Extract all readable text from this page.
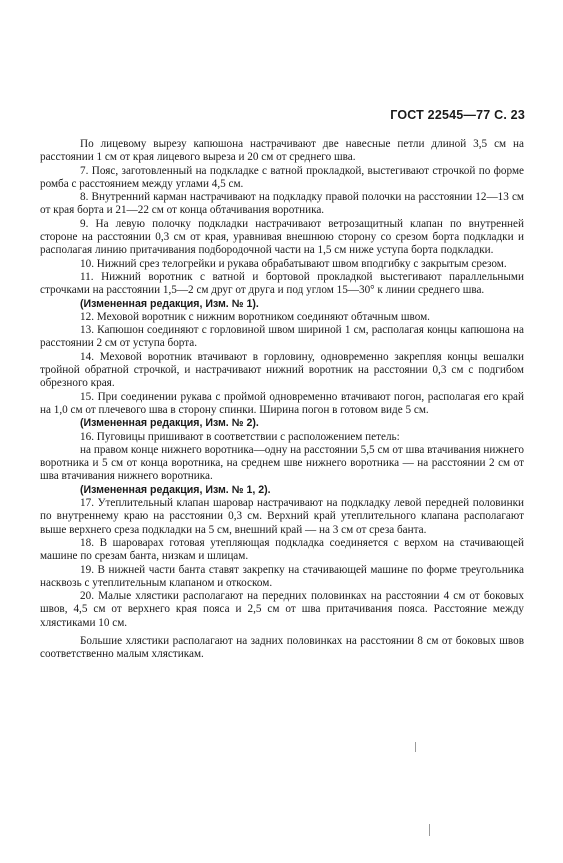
ГОСТ 22545—77 С. 23

По лицевому вырезу капюшона настрачивают две навесные петли длиной 3,5 см на расстоянии 1 см от края лицевого выреза и 20 см от среднего шва.

7. Пояс, заготовленный на подкладке с ватной прокладкой, выстегивают строчкой по форме ромба с расстоянием между углами 4,5 см.

8. Внутренний карман настрачивают на подкладку правой полочки на расстоянии 12—13 см от края борта и 21—22 см от конца обтачивания воротника.

9. На левую полочку подкладки настрачивают ветрозащитный клапан по внутренней стороне на расстоянии 0,3 см от края, уравнивая внешнюю сторону со срезом борта подкладки и располагая линию притачивания подбородочной части на 1,5 см ниже уступа борта подкладки.

10. Нижний срез телогрейки и рукава обрабатывают швом вподгибку с закрытым срезом.

11. Нижний воротник с ватной и бортовой прокладкой выстегивают параллельными строчками на расстоянии 1,5—2 см друг от друга и под углом 15—30° к линии среднего шва.

(Измененная редакция, Изм. № 1).

12. Меховой воротник с нижним воротником соединяют обтачным швом.

13. Капюшон соединяют с горловиной швом шириной 1 см, располагая концы капюшона на расстоянии 2 см от уступа борта.

14. Меховой воротник втачивают в горловину, одновременно закрепляя концы вешалки тройной обратной строчкой, и настрачивают нижний воротник на расстоянии 0,3 см с подгибом обрезного края.

15. При соединении рукава с проймой одновременно втачивают погон, располагая его край на 1,0 см от плечевого шва в сторону спинки. Ширина погон в готовом виде 5 см.

(Измененная редакция, Изм. № 2).

16. Пуговицы пришивают в соответствии с расположением петель:

на правом конце нижнего воротника—одну на расстоянии 5,5 см от шва втачивания нижнего воротника и 5 см от конца воротника, на среднем шве нижнего воротника — на расстоянии 2 см от шва втачивания нижнего воротника.

(Измененная редакция, Изм. № 1, 2).

17. Утеплительный клапан шаровар настрачивают на подкладку левой передней половинки по внутреннему краю на расстоянии 0,3 см. Верхний край утеплительного клапана располагают выше верхнего среза подкладки на 5 см, внешний край — на 3 см от среза банта.

18. В шароварах готовая утепляющая подкладка соединяется с верхом на стачивающей машине по срезам банта, низкам и шлицам.

19. В нижней части банта ставят закрепку на стачивающей машине по форме треугольника насквозь с утеплительным клапаном и откоском.

20. Малые хлястики располагают на передних половинках на расстоянии 4 см от боковых швов, 4,5 см от верхнего края пояса и 2,5 см от шва притачивания пояса. Расстояние между хлястиками 10 см.

Большие хлястики располагают на задних половинках на расстоянии 8 см от боковых швов соответственно малым хлястикам.
